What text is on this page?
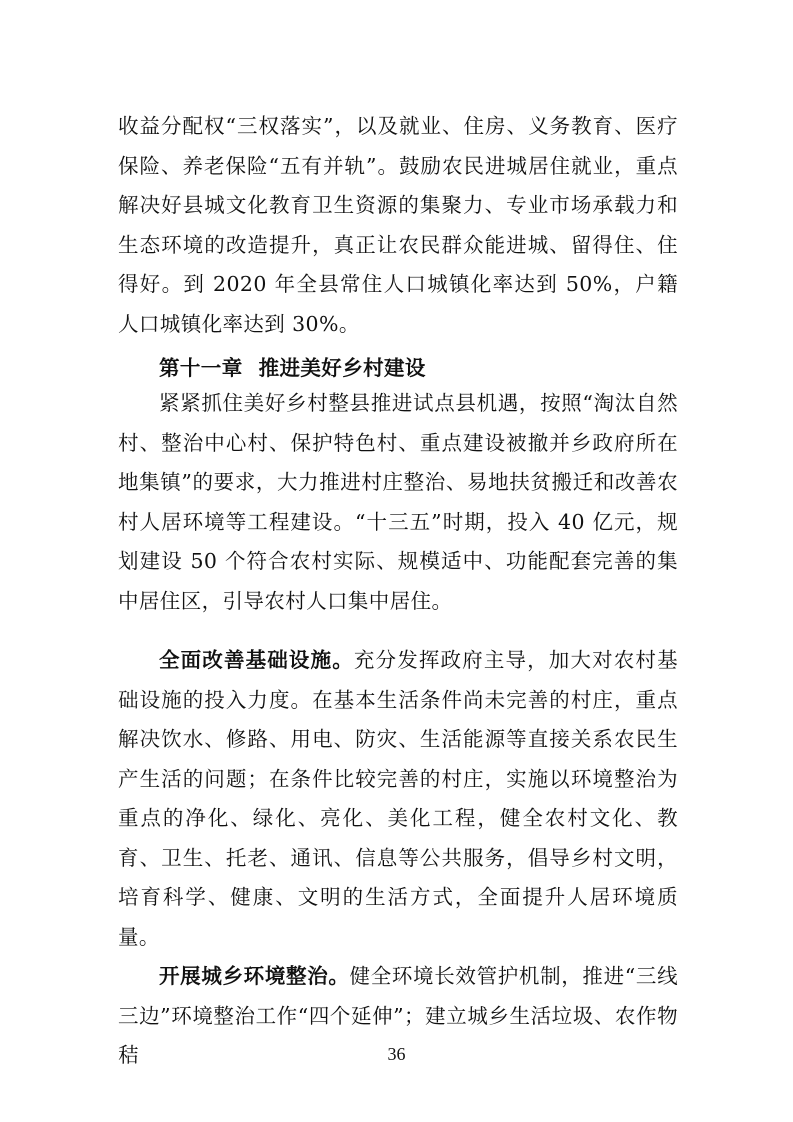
收益分配权“三权落实”，以及就业、住房、义务教育、医疗保险、养老保险“五有并轨”。鼓励农民进城居住就业，重点解决好县城文化教育卫生资源的集聚力、专业市场承载力和生态环境的改造提升，真正让农民群众能进城、留得住、住得好。到 2020 年全县常住人口城镇化率达到 50%，户籍人口城镇化率达到 30%。

第十一章 推进美好乡村建设

紧紧抓住美好乡村整县推进试点县机遇，按照“淘汰自然村、整治中心村、保护特色村、重点建设被撤并乡政府所在地集镇”的要求，大力推进村庄整治、易地扶贫搬迁和改善农村人居环境等工程建设。“十三五”时期，投入 40 亿元，规划建设 50 个符合农村实际、规模适中、功能配套完善的集中居住区，引导农村人口集中居住。

全面改善基础设施。充分发挥政府主导，加大对农村基础设施的投入力度。在基本生活条件尚未完善的村庄，重点解决饮水、修路、用电、防灾、生活能源等直接关系农民生产生活的问题；在条件比较完善的村庄，实施以环境整治为重点的净化、绿化、亮化、美化工程，健全农村文化、教育、卫生、托老、通讯、信息等公共服务，倡导乡村文明，培育科学、健康、文明的生活方式，全面提升人居环境质量。

开展城乡环境整治。健全环境长效管护机制，推进“三线三边”环境整治工作“四个延伸”；建立城乡生活垃圾、农作物秸	36
